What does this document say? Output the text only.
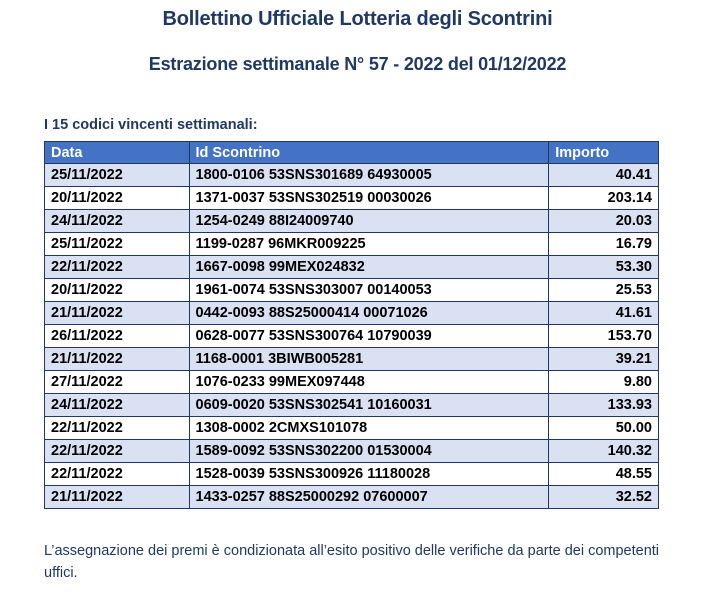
Bollettino Ufficiale Lotteria degli Scontrini
Estrazione settimanale N° 57 - 2022 del 01/12/2022
I 15 codici vincenti settimanali:
Data	Id Scontrino	Importo
25/11/2022	1800-0106 53SNS301689 64930005	40.41
20/11/2022	1371-0037 53SNS302519 00030026	203.14
24/11/2022	1254-0249 88I24009740	20.03
25/11/2022	1199-0287 96MKR009225	16.79
22/11/2022	1667-0098 99MEX024832	53.30
20/11/2022	1961-0074 53SNS303007 00140053	25.53
21/11/2022	0442-0093 88S25000414 00071026	41.61
26/11/2022	0628-0077 53SNS300764 10790039	153.70
21/11/2022	1168-0001 3BIWB005281	39.21
27/11/2022	1076-0233 99MEX097448	9.80
24/11/2022	0609-0020 53SNS302541 10160031	133.93
22/11/2022	1308-0002 2CMXS101078	50.00
22/11/2022	1589-0092 53SNS302200 01530004	140.32
22/11/2022	1528-0039 53SNS300926 11180028	48.55
21/11/2022	1433-0257 88S25000292 07600007	32.52
L’assegnazione dei premi è condizionata all’esito positivo delle verifiche da parte dei competenti uffici.
